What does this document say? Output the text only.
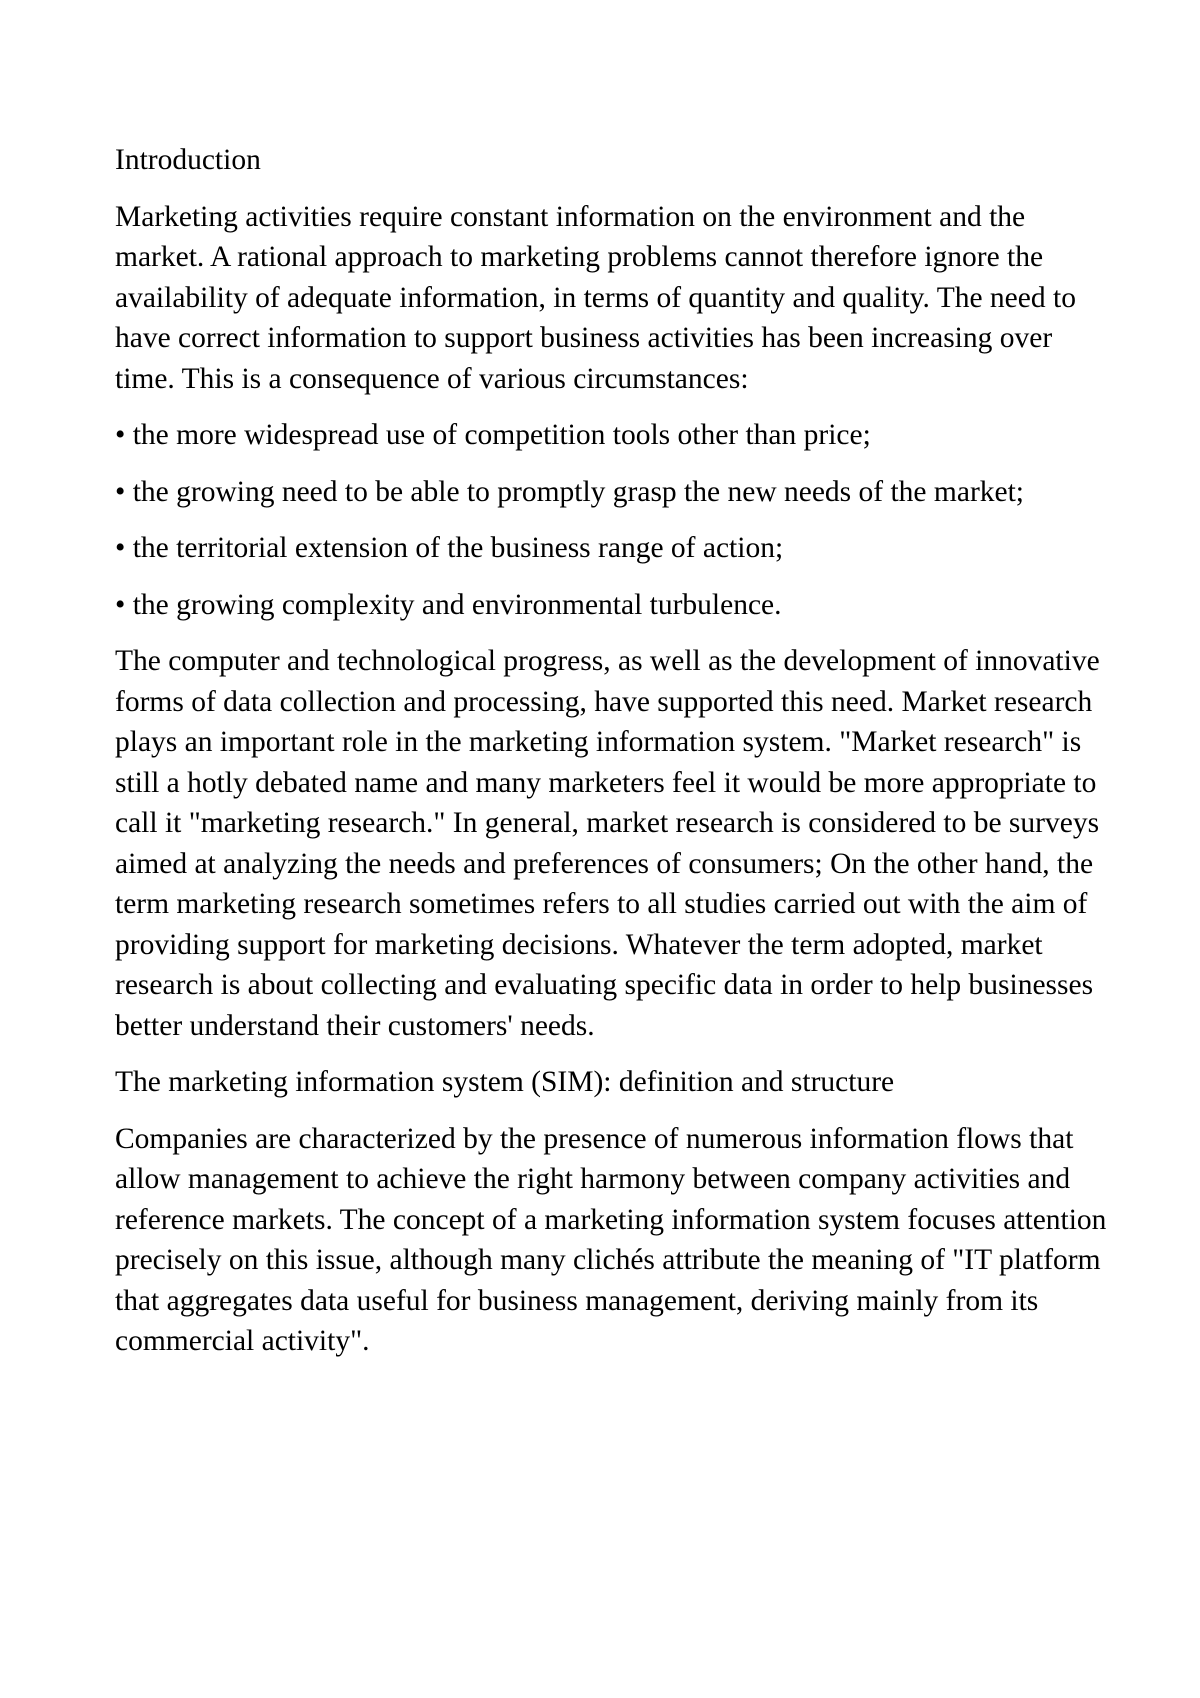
Introduction

Marketing activities require constant information on the environment and the market. A rational approach to marketing problems cannot therefore ignore the availability of adequate information, in terms of quantity and quality. The need to have correct information to support business activities has been increasing over time. This is a consequence of various circumstances:

• the more widespread use of competition tools other than price;

• the growing need to be able to promptly grasp the new needs of the market;

• the territorial extension of the business range of action;

• the growing complexity and environmental turbulence.

The computer and technological progress, as well as the development of innovative forms of data collection and processing, have supported this need. Market research plays an important role in the marketing information system. "Market research" is still a hotly debated name and many marketers feel it would be more appropriate to call it "marketing research." In general, market research is considered to be surveys aimed at analyzing the needs and preferences of consumers; On the other hand, the term marketing research sometimes refers to all studies carried out with the aim of providing support for marketing decisions. Whatever the term adopted, market research is about collecting and evaluating specific data in order to help businesses better understand their customers' needs.

The marketing information system (SIM): definition and structure

Companies are characterized by the presence of numerous information flows that allow management to achieve the right harmony between company activities and reference markets. The concept of a marketing information system focuses attention precisely on this issue, although many clichés attribute the meaning of "IT platform that aggregates data useful for business management, deriving mainly from its commercial activity".
